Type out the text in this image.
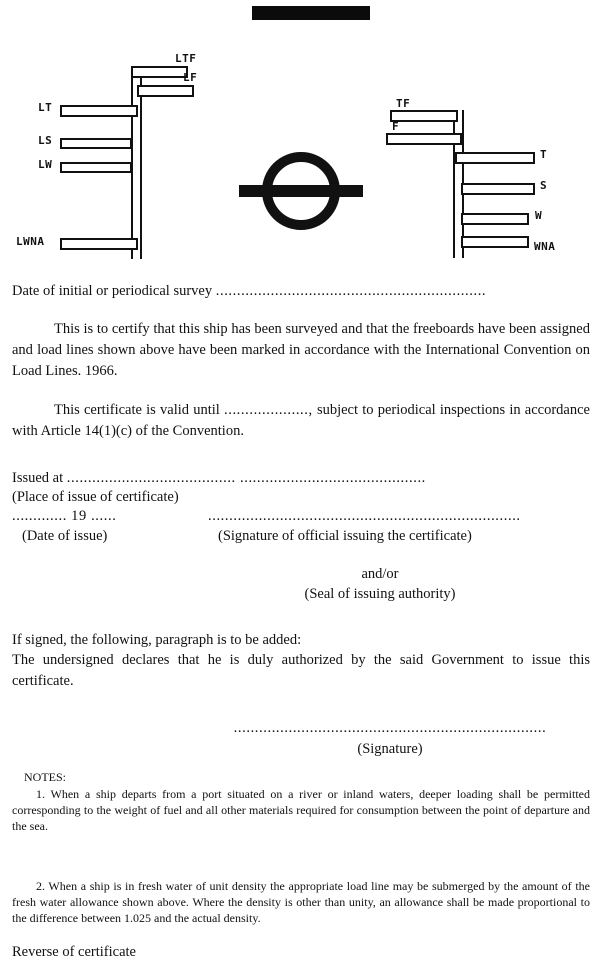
LTF
LF
LT
LS
LW
LWNA
TF
F
T
S
W
WNA

Date of initial or periodical survey ................................................................

This is to certify that this ship has been surveyed and that the freeboards have been assigned and load lines shown above have been marked in accordance with the International Convention on Load Lines. 1966.

This certificate is valid until ...................., subject to periodical inspections in accordance with Article 14(1)(c) of the Convention.

Issued at ........................................ ............................................

(Place of issue of certificate)

............. 19 ......	..........................................................................
(Date of issue)	(Signature of official issuing the certificate)

and/or

(Seal of issuing authority)

If signed, the following, paragraph is to be added:

The undersigned declares that he is duly authorized by the said Government to issue this certificate.

..........................................................................

(Signature)

NOTES:

1. When a ship departs from a port situated on a river or inland waters, deeper loading shall be permitted corresponding to the weight of fuel and all other materials required for consumption between the point of departure and the sea.

2. When a ship is in fresh water of unit density the appropriate load line may be submerged by the amount of the fresh water allowance shown above. Where the density is other than unity, an allowance shall be made proportional to the difference between 1.025 and the actual density.

Reverse of certificate
